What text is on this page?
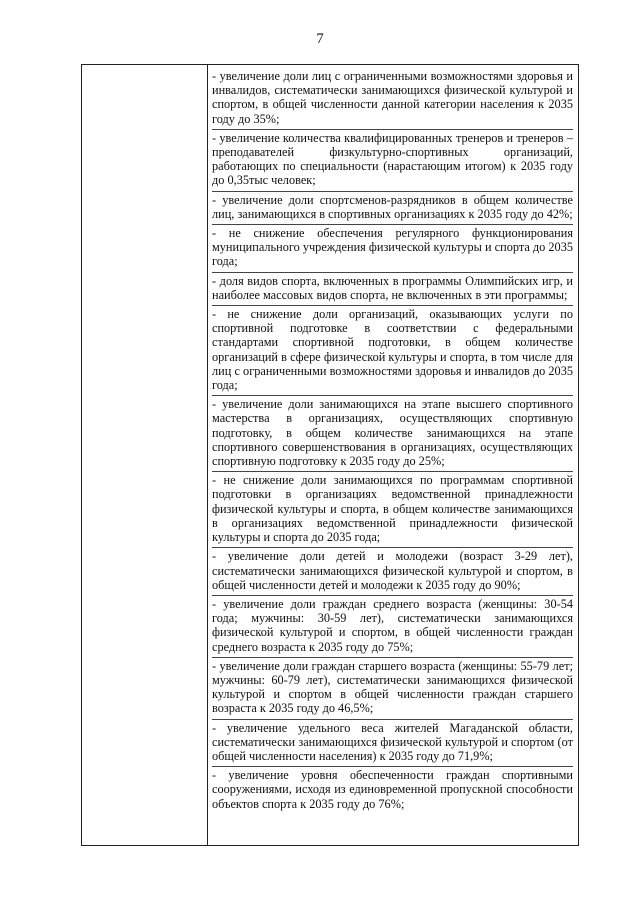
7

- увеличение доли лиц с ограниченными возможностями здоровья и инвалидов, систематически занимающихся физической культурой и спортом, в общей численности данной категории населения к 2035 году до 35%;

- увеличение количества квалифицированных тренеров и тренеров – преподавателей физкультурно-спортивных организаций, работающих по специальности (нарастающим итогом) к 2035 году до 0,35тыс человек;

- увеличение доли спортсменов-разрядников в общем количестве лиц, занимающихся в спортивных организациях к 2035 году до 42%;

- не снижение обеспечения регулярного функционирования муниципального учреждения физической культуры и спорта до 2035 года;

- доля видов спорта, включенных в программы Олимпийских игр, и наиболее массовых видов спорта, не включенных в эти программы;

- не снижение доли организаций, оказывающих услуги по спортивной подготовке в соответствии с федеральными стандартами спортивной подготовки, в общем количестве организаций в сфере физической культуры и спорта, в том числе для лиц с ограниченными возможностями здоровья и инвалидов до 2035 года;

- увеличение доли занимающихся на этапе высшего спортивного мастерства в организациях, осуществляющих спортивную подготовку, в общем количестве занимающихся на этапе спортивного совершенствования в организациях, осуществляющих спортивную подготовку к 2035 году до 25%;

- не снижение доли занимающихся по программам спортивной подготовки в организациях ведомственной принадлежности физической культуры и спорта, в общем количестве занимающихся в организациях ведомственной принадлежности физической культуры и спорта до 2035 года;

- увеличение доли детей и молодежи (возраст 3-29 лет), систематически занимающихся физической культурой и спортом, в общей численности детей и молодежи к 2035 году до 90%;

- увеличение доли граждан среднего возраста (женщины: 30-54 года; мужчины: 30-59 лет), систематически занимающихся физической культурой и спортом, в общей численности граждан среднего возраста к 2035 году до 75%;

- увеличение доли граждан старшего возраста (женщины: 55-79 лет; мужчины: 60-79 лет), систематически занимающихся физической культурой и спортом в общей численности граждан старшего возраста к 2035 году до 46,5%;

- увеличение удельного веса жителей Магаданской области, систематически занимающихся физической культурой и спортом (от общей численности населения) к 2035 году до 71,9%;

- увеличение уровня обеспеченности граждан спортивными сооружениями, исходя из единовременной пропускной способности объектов спорта к 2035 году до 76%;
